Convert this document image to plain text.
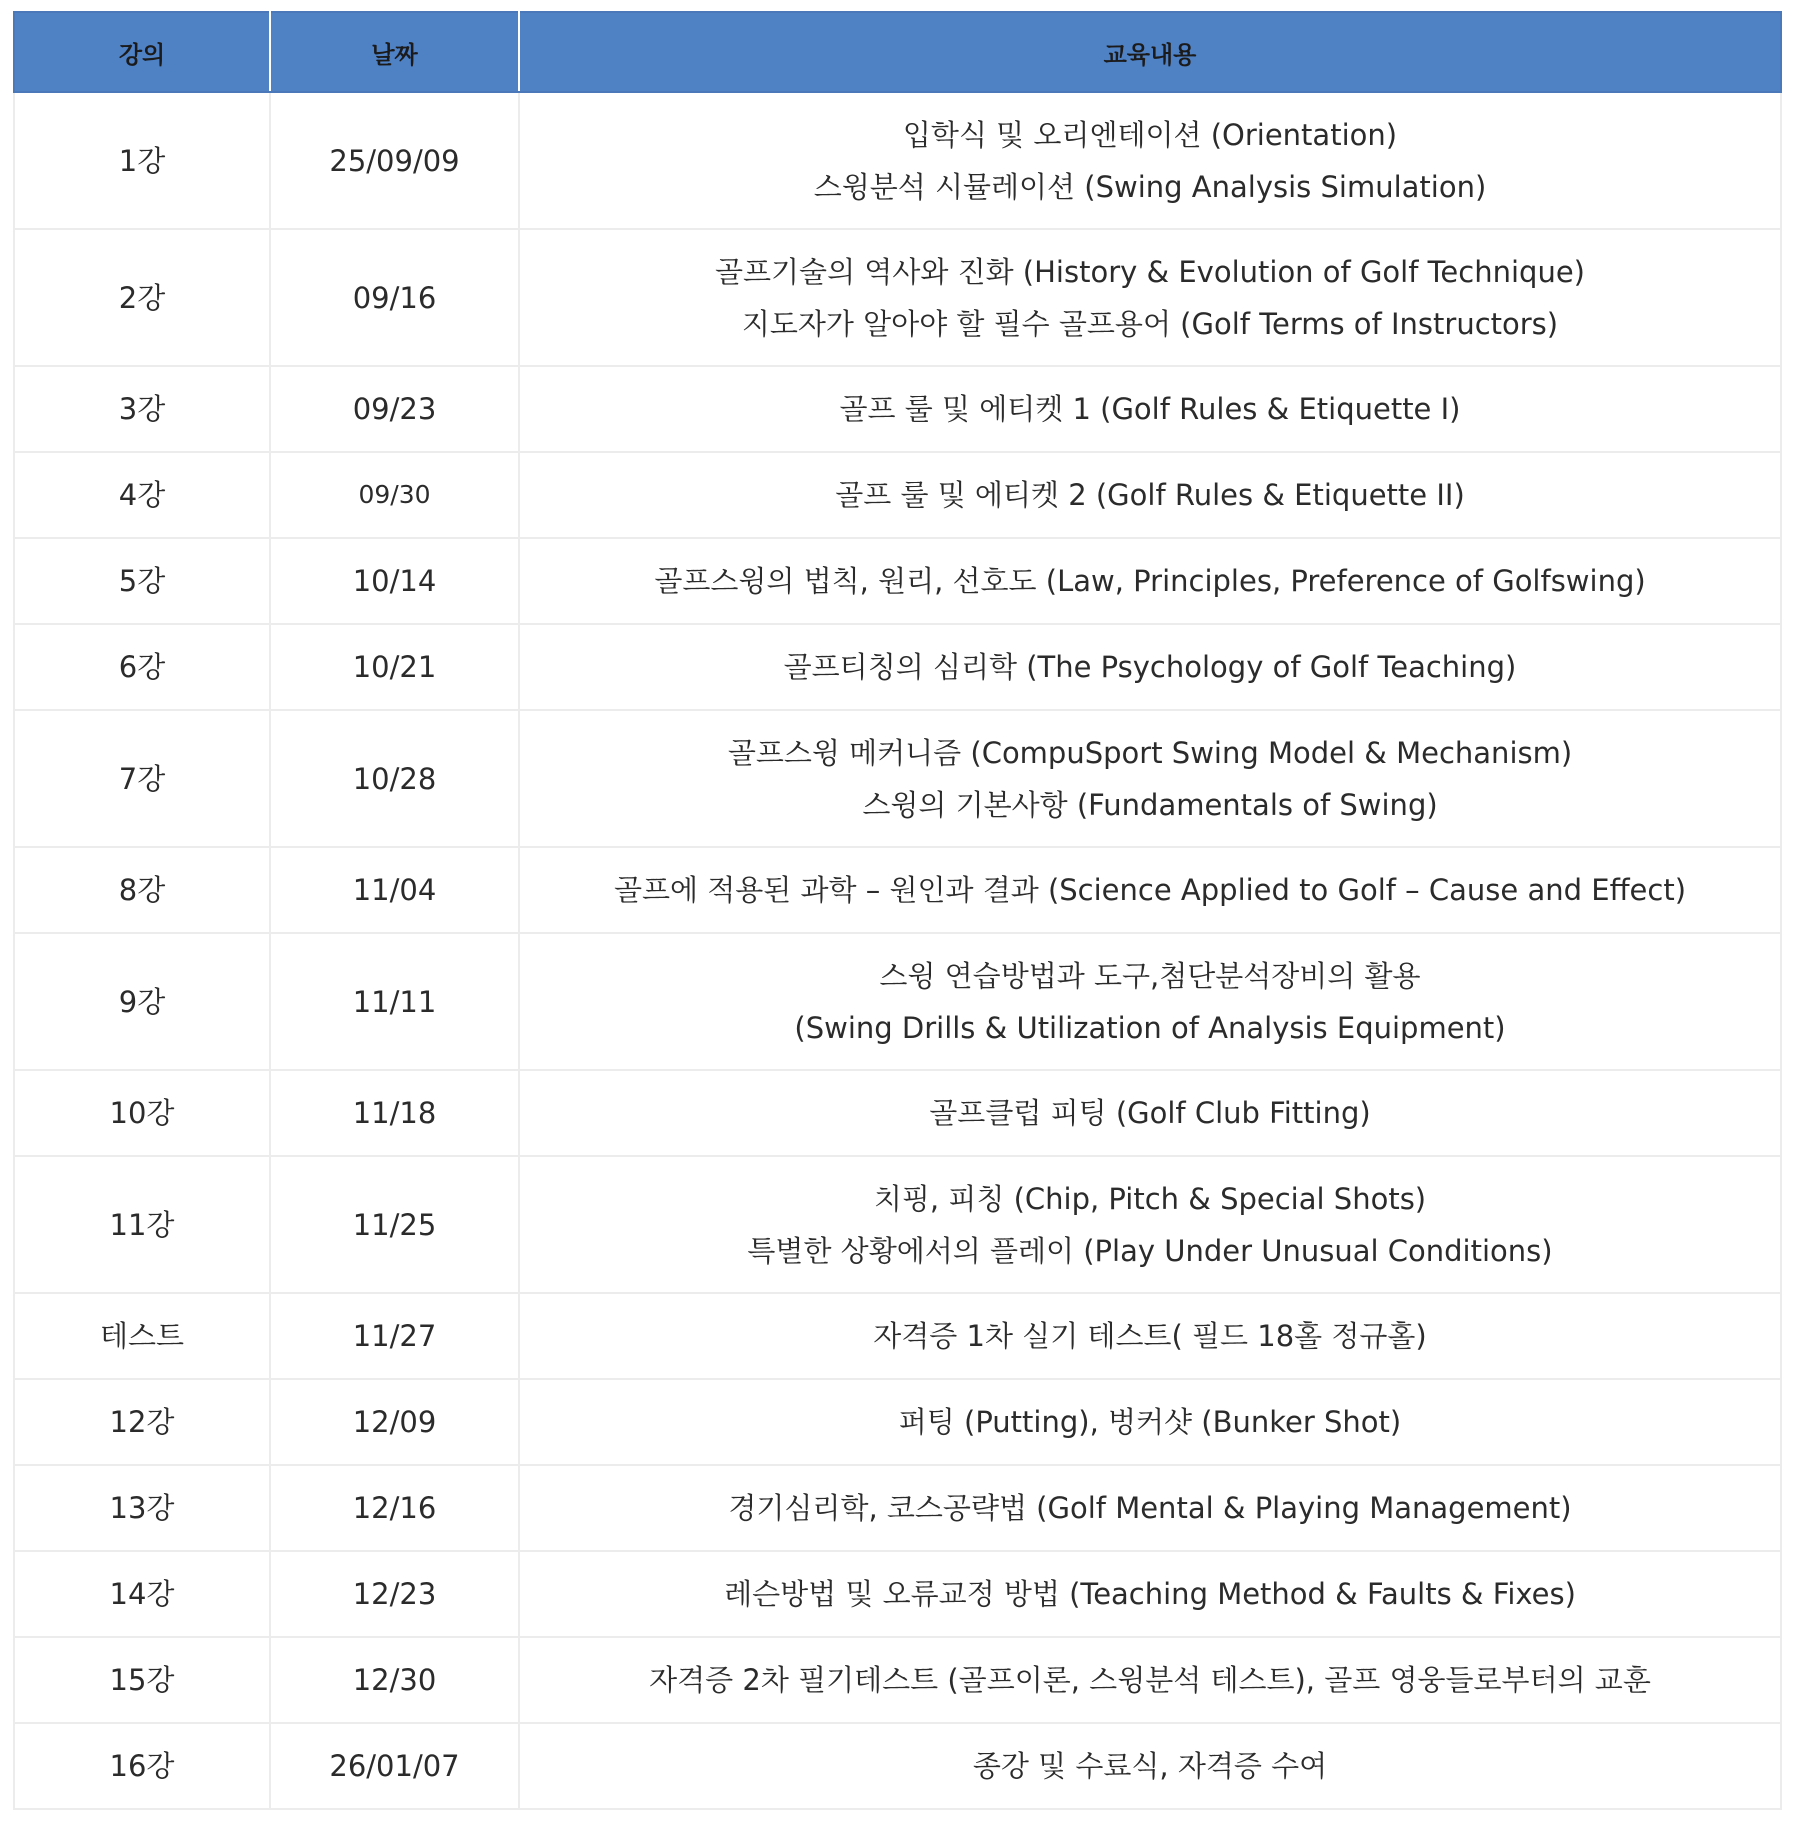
강의	날짜	교육내용
1강	25/09/09	입학식 및 오리엔테이션 (Orientation)
스윙분석 시뮬레이션 (Swing Analysis Simulation)

2강	09/16	골프기술의 역사와 진화 (History & Evolution of Golf Technique)
지도자가 알아야 할 필수 골프용어 (Golf Terms of Instructors)

3강	09/23	골프 룰 및 에티켓 1 (Golf Rules & Etiquette I)

4강	09/30	골프 룰 및 에티켓 2 (Golf Rules & Etiquette II)

5강	10/14	골프스윙의 법칙, 원리, 선호도 (Law, Principles, Preference of Golfswing)

6강	10/21	골프티칭의 심리학 (The Psychology of Golf Teaching)

7강	10/28	골프스윙 메커니즘 (CompuSport Swing Model & Mechanism)
스윙의 기본사항 (Fundamentals of Swing)

8강	11/04	골프에 적용된 과학 – 원인과 결과 (Science Applied to Golf – Cause and Effect)

9강	11/11	스윙 연습방법과 도구,첨단분석장비의 활용
(Swing Drills & Utilization of Analysis Equipment)

10강	11/18	골프클럽 피팅 (Golf Club Fitting)

11강	11/25	치핑, 피칭 (Chip, Pitch & Special Shots)
특별한 상황에서의 플레이 (Play Under Unusual Conditions)

테스트	11/27	자격증 1차 실기 테스트( 필드 18홀 정규홀)

12강	12/09	퍼팅 (Putting), 벙커샷 (Bunker Shot)

13강	12/16	경기심리학, 코스공략법 (Golf Mental & Playing Management)

14강	12/23	레슨방법 및 오류교정 방법 (Teaching Method & Faults & Fixes)

15강	12/30	자격증 2차 필기테스트 (골프이론, 스윙분석 테스트), 골프 영웅들로부터의 교훈

16강	26/01/07	종강 및 수료식, 자격증 수여
